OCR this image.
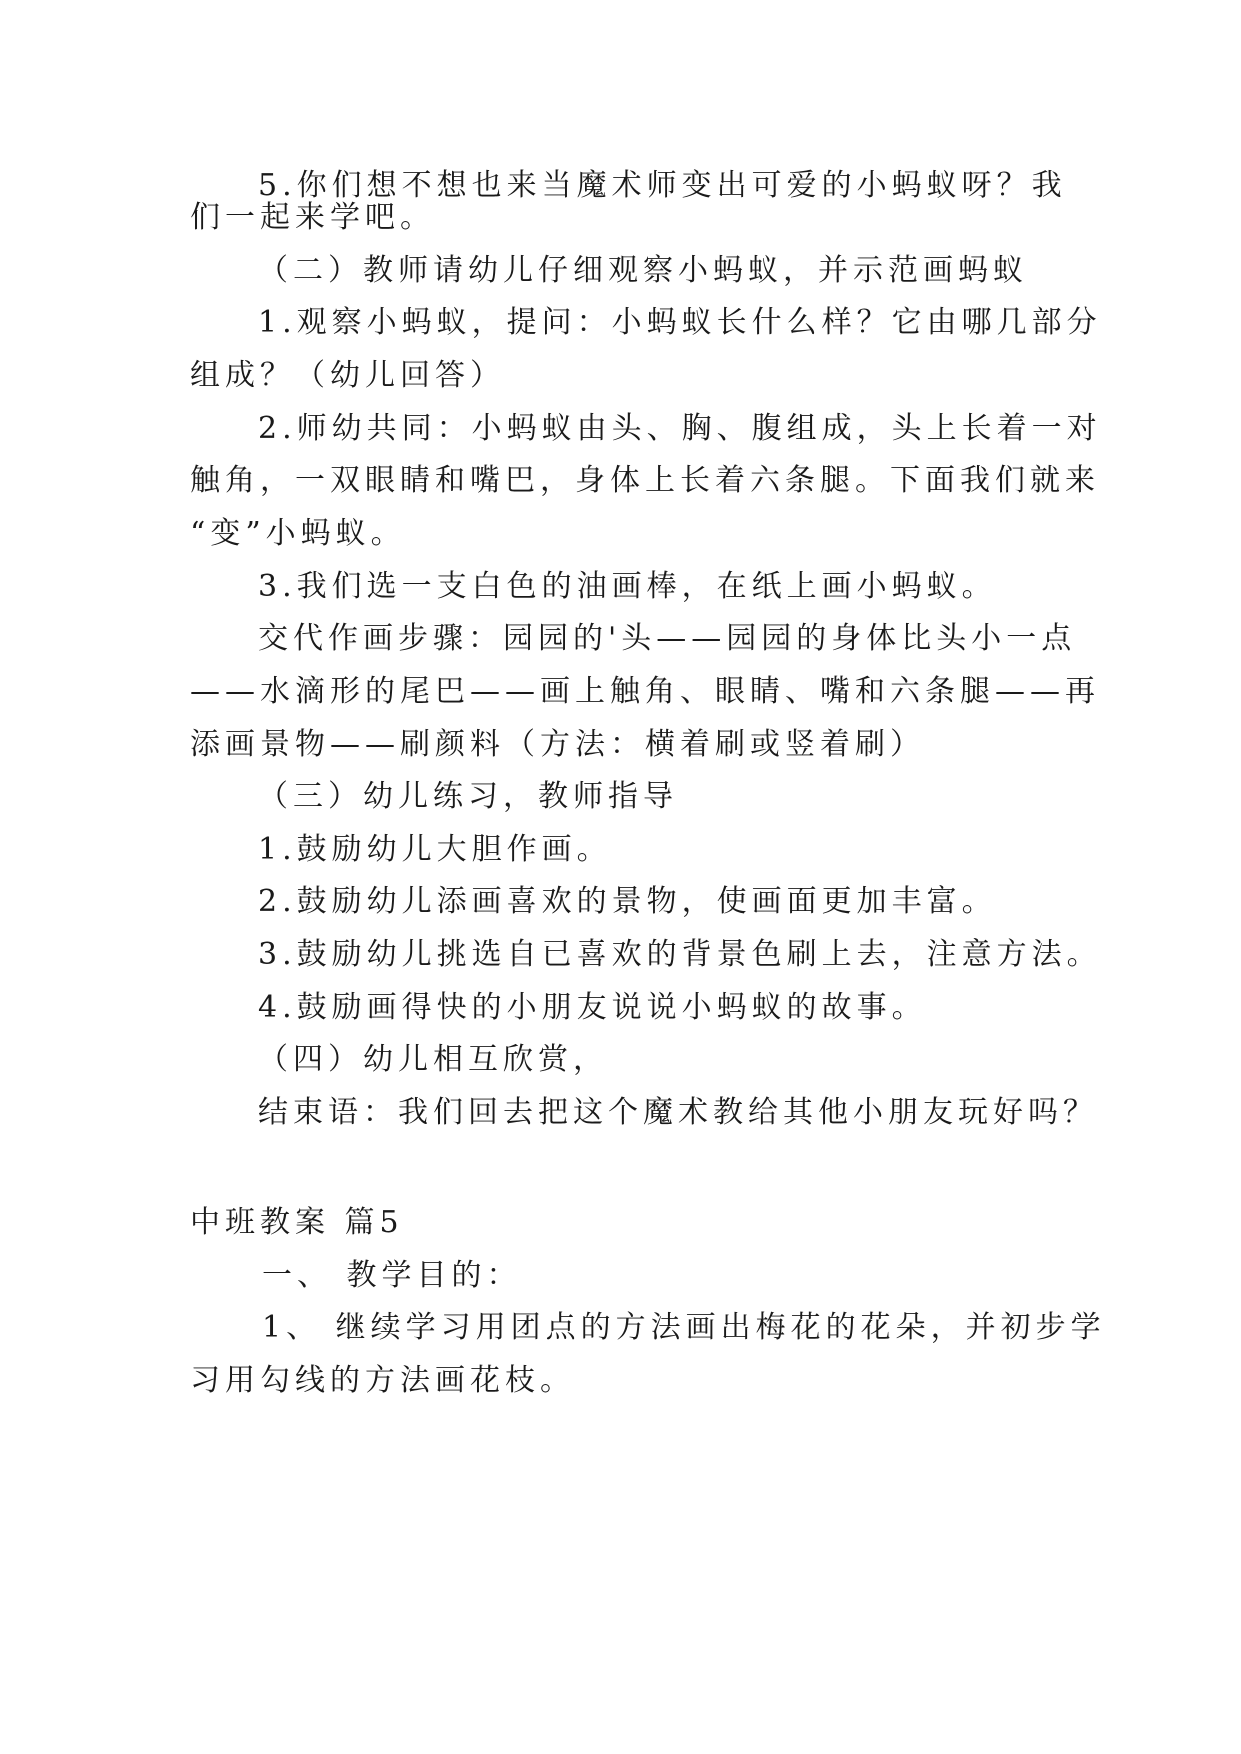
5.你们想不想也来当魔术师变出可爱的小蚂蚁呀？我
们一起来学吧。
（二）教师请幼儿仔细观察小蚂蚁，并示范画蚂蚁
1.观察小蚂蚁，提问：小蚂蚁长什么样？它由哪几部分
组成？（幼儿回答）
2.师幼共同：小蚂蚁由头、胸、腹组成，头上长着一对
触角，一双眼睛和嘴巴，身体上长着六条腿。下面我们就来
“变”小蚂蚁。
3.我们选一支白色的油画棒，在纸上画小蚂蚁。
交代作画步骤：园园的'头——园园的身体比头小一点
——水滴形的尾巴——画上触角、眼睛、嘴和六条腿——再
添画景物——刷颜料（方法：横着刷或竖着刷）
（三）幼儿练习，教师指导
1.鼓励幼儿大胆作画。
2.鼓励幼儿添画喜欢的景物，使画面更加丰富。
3.鼓励幼儿挑选自已喜欢的背景色刷上去，注意方法。
4.鼓励画得快的小朋友说说小蚂蚁的故事。
（四）幼儿相互欣赏，
结束语：我们回去把这个魔术教给其他小朋友玩好吗？
中班教案 篇5
一、 教学目的：
1、 继续学习用团点的方法画出梅花的花朵，并初步学
习用勾线的方法画花枝。
